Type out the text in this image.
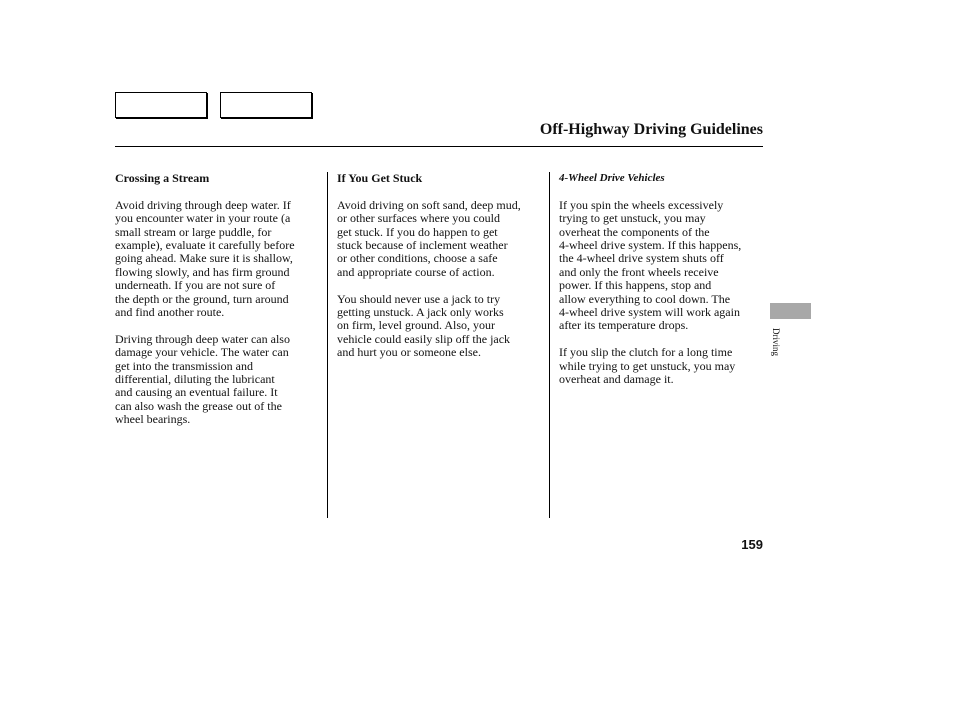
Off-Highway Driving Guidelines

Crossing a Stream

Avoid driving through deep water. If
you encounter water in your route (a
small stream or large puddle, for
example), evaluate it carefully before
going ahead. Make sure it is shallow,
flowing slowly, and has firm ground
underneath. If you are not sure of
the depth or the ground, turn around
and find another route.

Driving through deep water can also
damage your vehicle. The water can
get into the transmission and
differential, diluting the lubricant
and causing an eventual failure. It
can also wash the grease out of the
wheel bearings.

If You Get Stuck

Avoid driving on soft sand, deep mud,
or other surfaces where you could
get stuck. If you do happen to get
stuck because of inclement weather
or other conditions, choose a safe
and appropriate course of action.

You should never use a jack to try
getting unstuck. A jack only works
on firm, level ground. Also, your
vehicle could easily slip off the jack
and hurt you or someone else.

4-Wheel Drive Vehicles

If you spin the wheels excessively
trying to get unstuck, you may
overheat the components of the
4-wheel drive system. If this happens,
the 4-wheel drive system shuts off
and only the front wheels receive
power. If this happens, stop and
allow everything to cool down. The
4-wheel drive system will work again
after its temperature drops.

If you slip the clutch for a long time
while trying to get unstuck, you may
overheat and damage it.

Driving
159
